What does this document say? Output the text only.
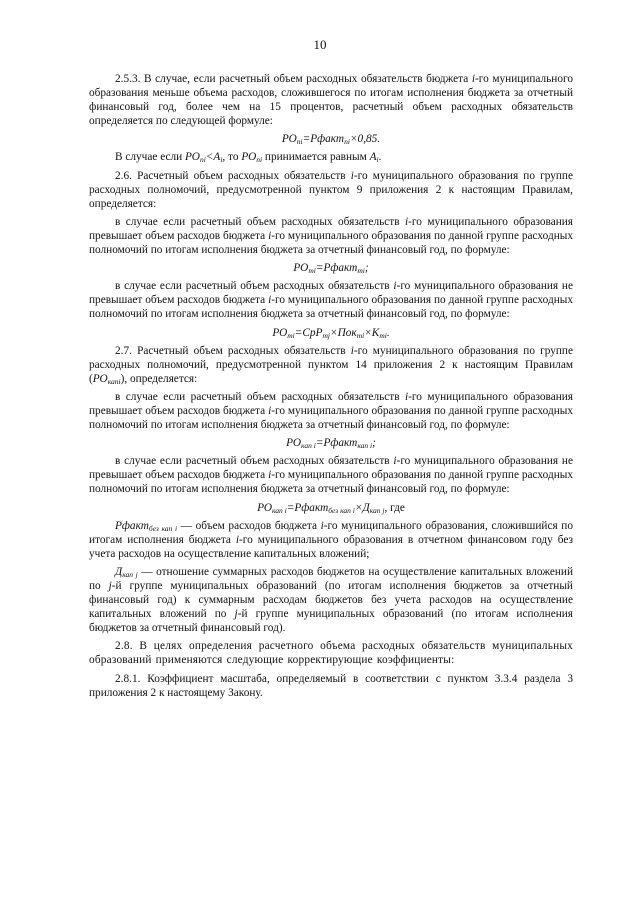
10

2.5.3. В случае, если расчетный объем расходных обязательств бюджета i-го муниципального образования меньше объема расходов, сложившегося по итогам исполнения бюджета за отчетный финансовый год, более чем на 15 процентов, расчетный объем расходных обязательств определяется по следующей формуле:

$РО_{ni}=Рфакт_{ni}\times 0,85$.

В случае если $РО_{ni}<А_i$, то $РО_{ni}$ принимается равным $А_i$.

2.6. Расчетный объем расходных обязательств i-го муниципального образования по группе расходных полномочий, предусмотренной пунктом 9 приложения 2 к настоящим Правилам, определяется:

в случае если расчетный объем расходных обязательств i-го муниципального образования превышает объем расходов бюджета i-го муниципального образования по данной группе расходных полномочий по итогам исполнения бюджета за отчетный финансовый год, по формуле:

$РО_{mi}=Рфакт_{mi}$;

в случае если расчетный объем расходных обязательств i-го муниципального образования не превышает объем расходов бюджета i-го муниципального образования по данной группе расходных полномочий по итогам исполнения бюджета за отчетный финансовый год, по формуле:

$РО_{mi}=СрР_{mj}\times Пок_{mi}\times К_{mi}$.

2.7. Расчетный объем расходных обязательств i-го муниципального образования по группе расходных полномочий, предусмотренной пунктом 14 приложения 2 к настоящим Правилам $(РО_{капi})$, определяется:

в случае если расчетный объем расходных обязательств i-го муниципального образования превышает объем расходов бюджета i-го муниципального образования по данной группе расходных полномочий по итогам исполнения бюджета за отчетный финансовый год, по формуле:

$РО_{кап i}=Рфакт_{кап i}$;

в случае если расчетный объем расходных обязательств i-го муниципального образования не превышает объем расходов бюджета i-го муниципального образования по данной группе расходных полномочий по итогам исполнения бюджета за отчетный финансовый год, по формуле:

$РО_{кап i}=Рфакт_{без кап i}\times Д_{кап j}$, где

Рфакт$_{без кап i}$ — объем расходов бюджета i-го муниципального образования, сложившийся по итогам исполнения бюджета i-го муниципального образования в отчетном финансовом году без учета расходов на осуществление капитальных вложений;

$Д_{кап j}$ — отношение суммарных расходов бюджетов на осуществление капитальных вложений по j-й группе муниципальных образований (по итогам исполнения бюджетов за отчетный финансовый год) к суммарным расходам бюджетов без учета расходов на осуществление капитальных вложений по j-й группе муниципальных образований (по итогам исполнения бюджетов за отчетный финансовый год).

2.8. В целях определения расчетного объема расходных обязательств муниципальных образований применяются следующие корректирующие коэффициенты:

2.8.1. Коэффициент масштаба, определяемый в соответствии с пунктом 3.3.4 раздела 3 приложения 2 к настоящему Закону.
